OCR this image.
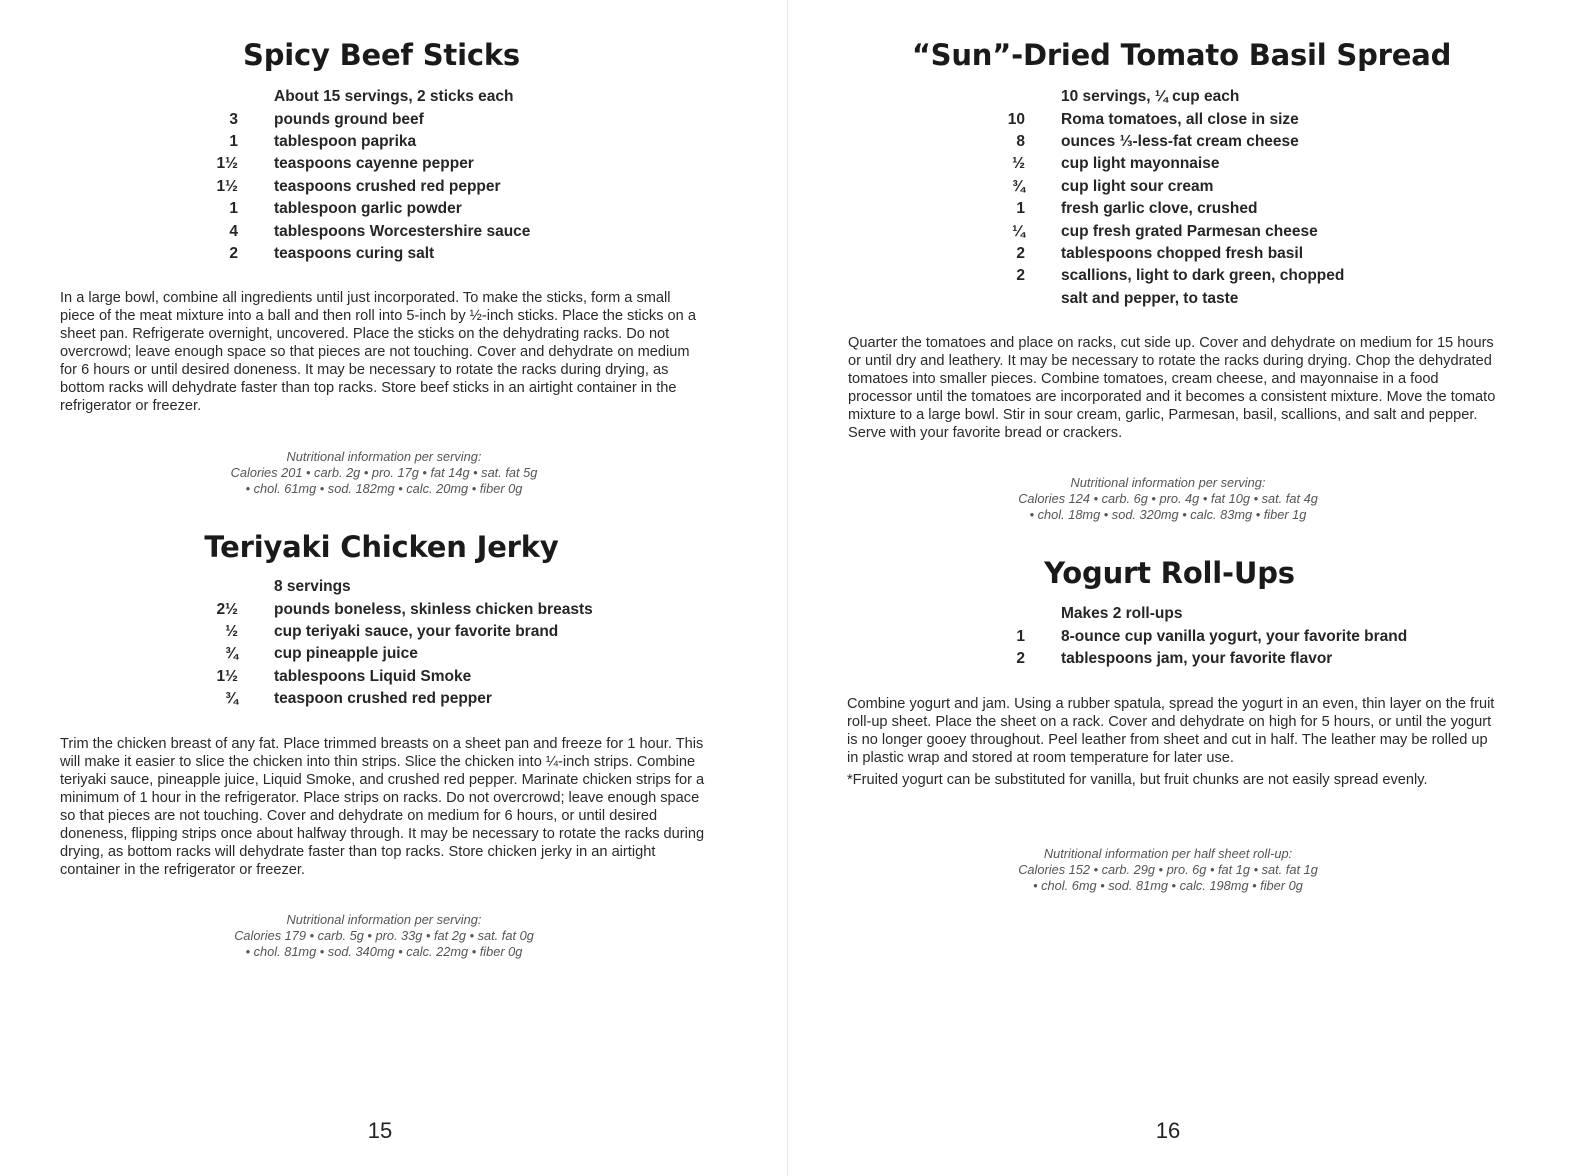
Spicy Beef Sticks
About 15 servings, 2 sticks each
3 pounds ground beef
1 tablespoon paprika
1½ teaspoons cayenne pepper
1½ teaspoons crushed red pepper
1 tablespoon garlic powder
4 tablespoons Worcestershire sauce
2 teaspoons curing salt

In a large bowl, combine all ingredients until just incorporated. To make the sticks, form a small piece of the meat mixture into a ball and then roll into 5-inch by ½-inch sticks. Place the sticks on a sheet pan. Refrigerate overnight, uncovered. Place the sticks on the dehydrating racks. Do not overcrowd; leave enough space so that pieces are not touching. Cover and dehydrate on medium for 6 hours or until desired doneness. It may be necessary to rotate the racks during drying, as bottom racks will dehydrate faster than top racks. Store beef sticks in an airtight container in the refrigerator or freezer.

Nutritional information per serving:
Calories 201 • carb. 2g • pro. 17g • fat 14g • sat. fat 5g
• chol. 61mg • sod. 182mg • calc. 20mg • fiber 0g
Teriyaki Chicken Jerky
8 servings
2½ pounds boneless, skinless chicken breasts
½ cup teriyaki sauce, your favorite brand
¾ cup pineapple juice
1½ tablespoons Liquid Smoke
¾ teaspoon crushed red pepper

Trim the chicken breast of any fat. Place trimmed breasts on a sheet pan and freeze for 1 hour. This will make it easier to slice the chicken into thin strips. Slice the chicken into ¼-inch strips. Combine teriyaki sauce, pineapple juice, Liquid Smoke, and crushed red pepper. Marinate chicken strips for a minimum of 1 hour in the refrigerator. Place strips on racks. Do not overcrowd; leave enough space so that pieces are not touching. Cover and dehydrate on medium for 6 hours, or until desired doneness, flipping strips once about halfway through. It may be necessary to rotate the racks during drying, as bottom racks will dehydrate faster than top racks. Store chicken jerky in an airtight container in the refrigerator or freezer.

Nutritional information per serving:
Calories 179 • carb. 5g • pro. 33g • fat 2g • sat. fat 0g
• chol. 81mg • sod. 340mg • calc. 22mg • fiber 0g
15
“Sun”-Dried Tomato Basil Spread
10 servings, ¼ cup each
10 Roma tomatoes, all close in size
8 ounces ⅓-less-fat cream cheese
½ cup light mayonnaise
¾ cup light sour cream
1 fresh garlic clove, crushed
¼ cup fresh grated Parmesan cheese
2 tablespoons chopped fresh basil
2 scallions, light to dark green, chopped
salt and pepper, to taste

Quarter the tomatoes and place on racks, cut side up. Cover and dehydrate on medium for 15 hours or until dry and leathery. It may be necessary to rotate the racks during drying. Chop the dehydrated tomatoes into smaller pieces. Combine tomatoes, cream cheese, and mayonnaise in a food processor until the tomatoes are incorporated and it becomes a consistent mixture. Move the tomato mixture to a large bowl. Stir in sour cream, garlic, Parmesan, basil, scallions, and salt and pepper. Serve with your favorite bread or crackers.

Nutritional information per serving:
Calories 124 • carb. 6g • pro. 4g • fat 10g • sat. fat 4g
• chol. 18mg • sod. 320mg • calc. 83mg • fiber 1g
Yogurt Roll-Ups
Makes 2 roll-ups
1 8-ounce cup vanilla yogurt, your favorite brand
2 tablespoons jam, your favorite flavor

Combine yogurt and jam. Using a rubber spatula, spread the yogurt in an even, thin layer on the fruit roll-up sheet. Place the sheet on a rack. Cover and dehydrate on high for 5 hours, or until the yogurt is no longer gooey throughout. Peel leather from sheet and cut in half. The leather may be rolled up in plastic wrap and stored at room temperature for later use.

*Fruited yogurt can be substituted for vanilla, but fruit chunks are not easily spread evenly.

Nutritional information per half sheet roll-up:
Calories 152 • carb. 29g • pro. 6g • fat 1g • sat. fat 1g
• chol. 6mg • sod. 81mg • calc. 198mg • fiber 0g
16
